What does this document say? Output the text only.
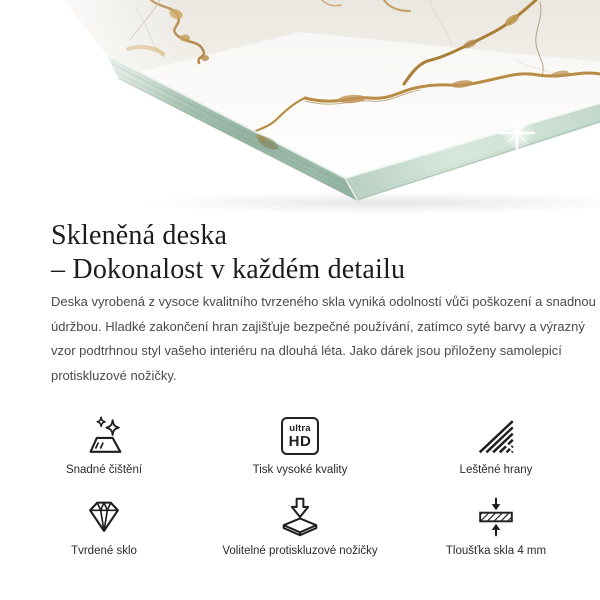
Skleněná deska
– Dokonalost v každém detailu
Deska vyrobená z vysoce kvalitního tvrzeného skla vyniká odolností vůči poškození a snadnou
údržbou. Hladké zakončení hran zajišťuje bezpečné používání, zatímco syté barvy a výrazný
vzor podtrhnou styl vašeho interiéru na dlouhá léta. Jako dárek jsou přiloženy samolepicí
protiskluzové nožičky.
Snadné čištění
ultra
HD
Tisk vysoké kvality	Leštěné hrany
Tvrdené sklo	Volitelné protiskluzové nožičky	Tloušťka skla 4 mm
